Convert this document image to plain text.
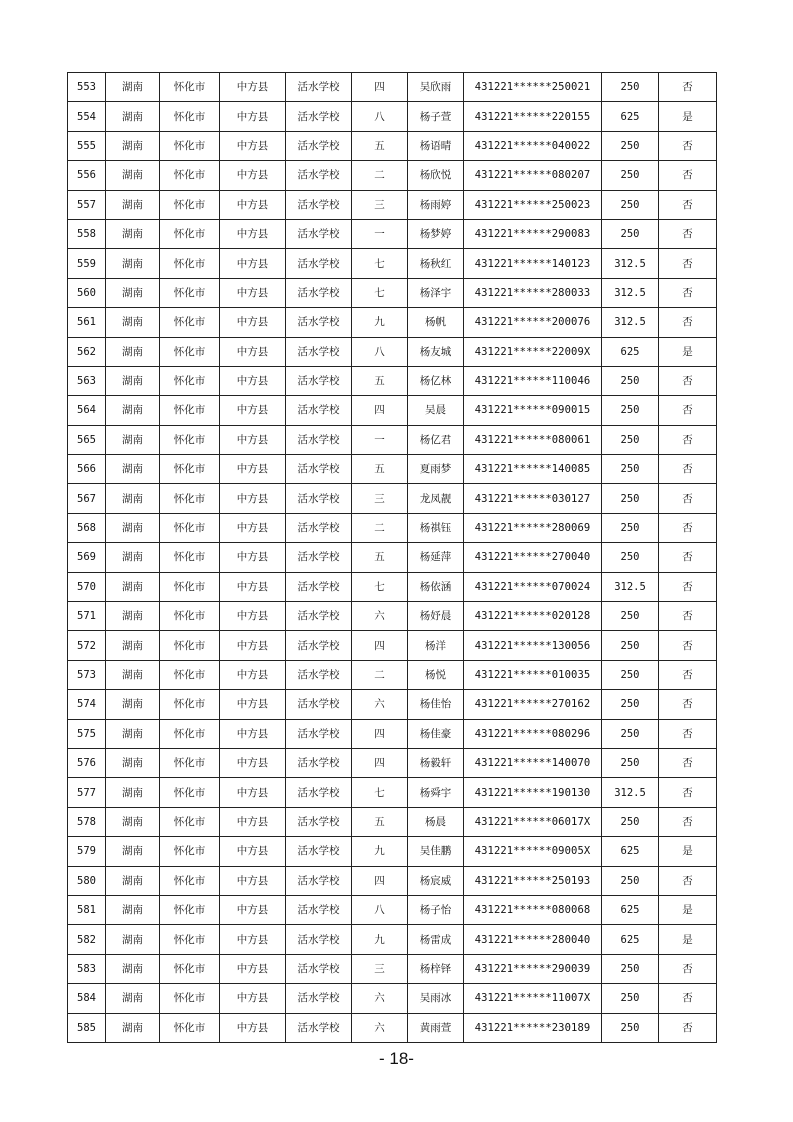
553	湖南	怀化市	中方县	活水学校	四	吴欣雨	431221******250021	250	否
554	湖南	怀化市	中方县	活水学校	八	杨子萱	431221******220155	625	是
555	湖南	怀化市	中方县	活水学校	五	杨语晴	431221******040022	250	否
556	湖南	怀化市	中方县	活水学校	二	杨欣悦	431221******080207	250	否
557	湖南	怀化市	中方县	活水学校	三	杨雨婷	431221******250023	250	否
558	湖南	怀化市	中方县	活水学校	一	杨梦婷	431221******290083	250	否
559	湖南	怀化市	中方县	活水学校	七	杨秋红	431221******140123	312.5	否
560	湖南	怀化市	中方县	活水学校	七	杨泽宇	431221******280033	312.5	否
561	湖南	怀化市	中方县	活水学校	九	杨帆	431221******200076	312.5	否
562	湖南	怀化市	中方县	活水学校	八	杨友城	431221******22009X	625	是
563	湖南	怀化市	中方县	活水学校	五	杨亿林	431221******110046	250	否
564	湖南	怀化市	中方县	活水学校	四	吴晨	431221******090015	250	否
565	湖南	怀化市	中方县	活水学校	一	杨亿君	431221******080061	250	否
566	湖南	怀化市	中方县	活水学校	五	夏雨梦	431221******140085	250	否
567	湖南	怀化市	中方县	活水学校	三	龙凤靓	431221******030127	250	否
568	湖南	怀化市	中方县	活水学校	二	杨祺钰	431221******280069	250	否
569	湖南	怀化市	中方县	活水学校	五	杨延萍	431221******270040	250	否
570	湖南	怀化市	中方县	活水学校	七	杨依涵	431221******070024	312.5	否
571	湖南	怀化市	中方县	活水学校	六	杨妤晨	431221******020128	250	否
572	湖南	怀化市	中方县	活水学校	四	杨洋	431221******130056	250	否
573	湖南	怀化市	中方县	活水学校	二	杨悦	431221******010035	250	否
574	湖南	怀化市	中方县	活水学校	六	杨佳怡	431221******270162	250	否
575	湖南	怀化市	中方县	活水学校	四	杨佳豪	431221******080296	250	否
576	湖南	怀化市	中方县	活水学校	四	杨毅轩	431221******140070	250	否
577	湖南	怀化市	中方县	活水学校	七	杨舜宇	431221******190130	312.5	否
578	湖南	怀化市	中方县	活水学校	五	杨晨	431221******06017X	250	否
579	湖南	怀化市	中方县	活水学校	九	吴佳鹏	431221******09005X	625	是
580	湖南	怀化市	中方县	活水学校	四	杨宸威	431221******250193	250	否
581	湖南	怀化市	中方县	活水学校	八	杨子怡	431221******080068	625	是
582	湖南	怀化市	中方县	活水学校	九	杨雷成	431221******280040	625	是
583	湖南	怀化市	中方县	活水学校	三	杨梓铎	431221******290039	250	否
584	湖南	怀化市	中方县	活水学校	六	吴雨冰	431221******11007X	250	否
585	湖南	怀化市	中方县	活水学校	六	黄雨萱	431221******230189	250	否
- 18-
